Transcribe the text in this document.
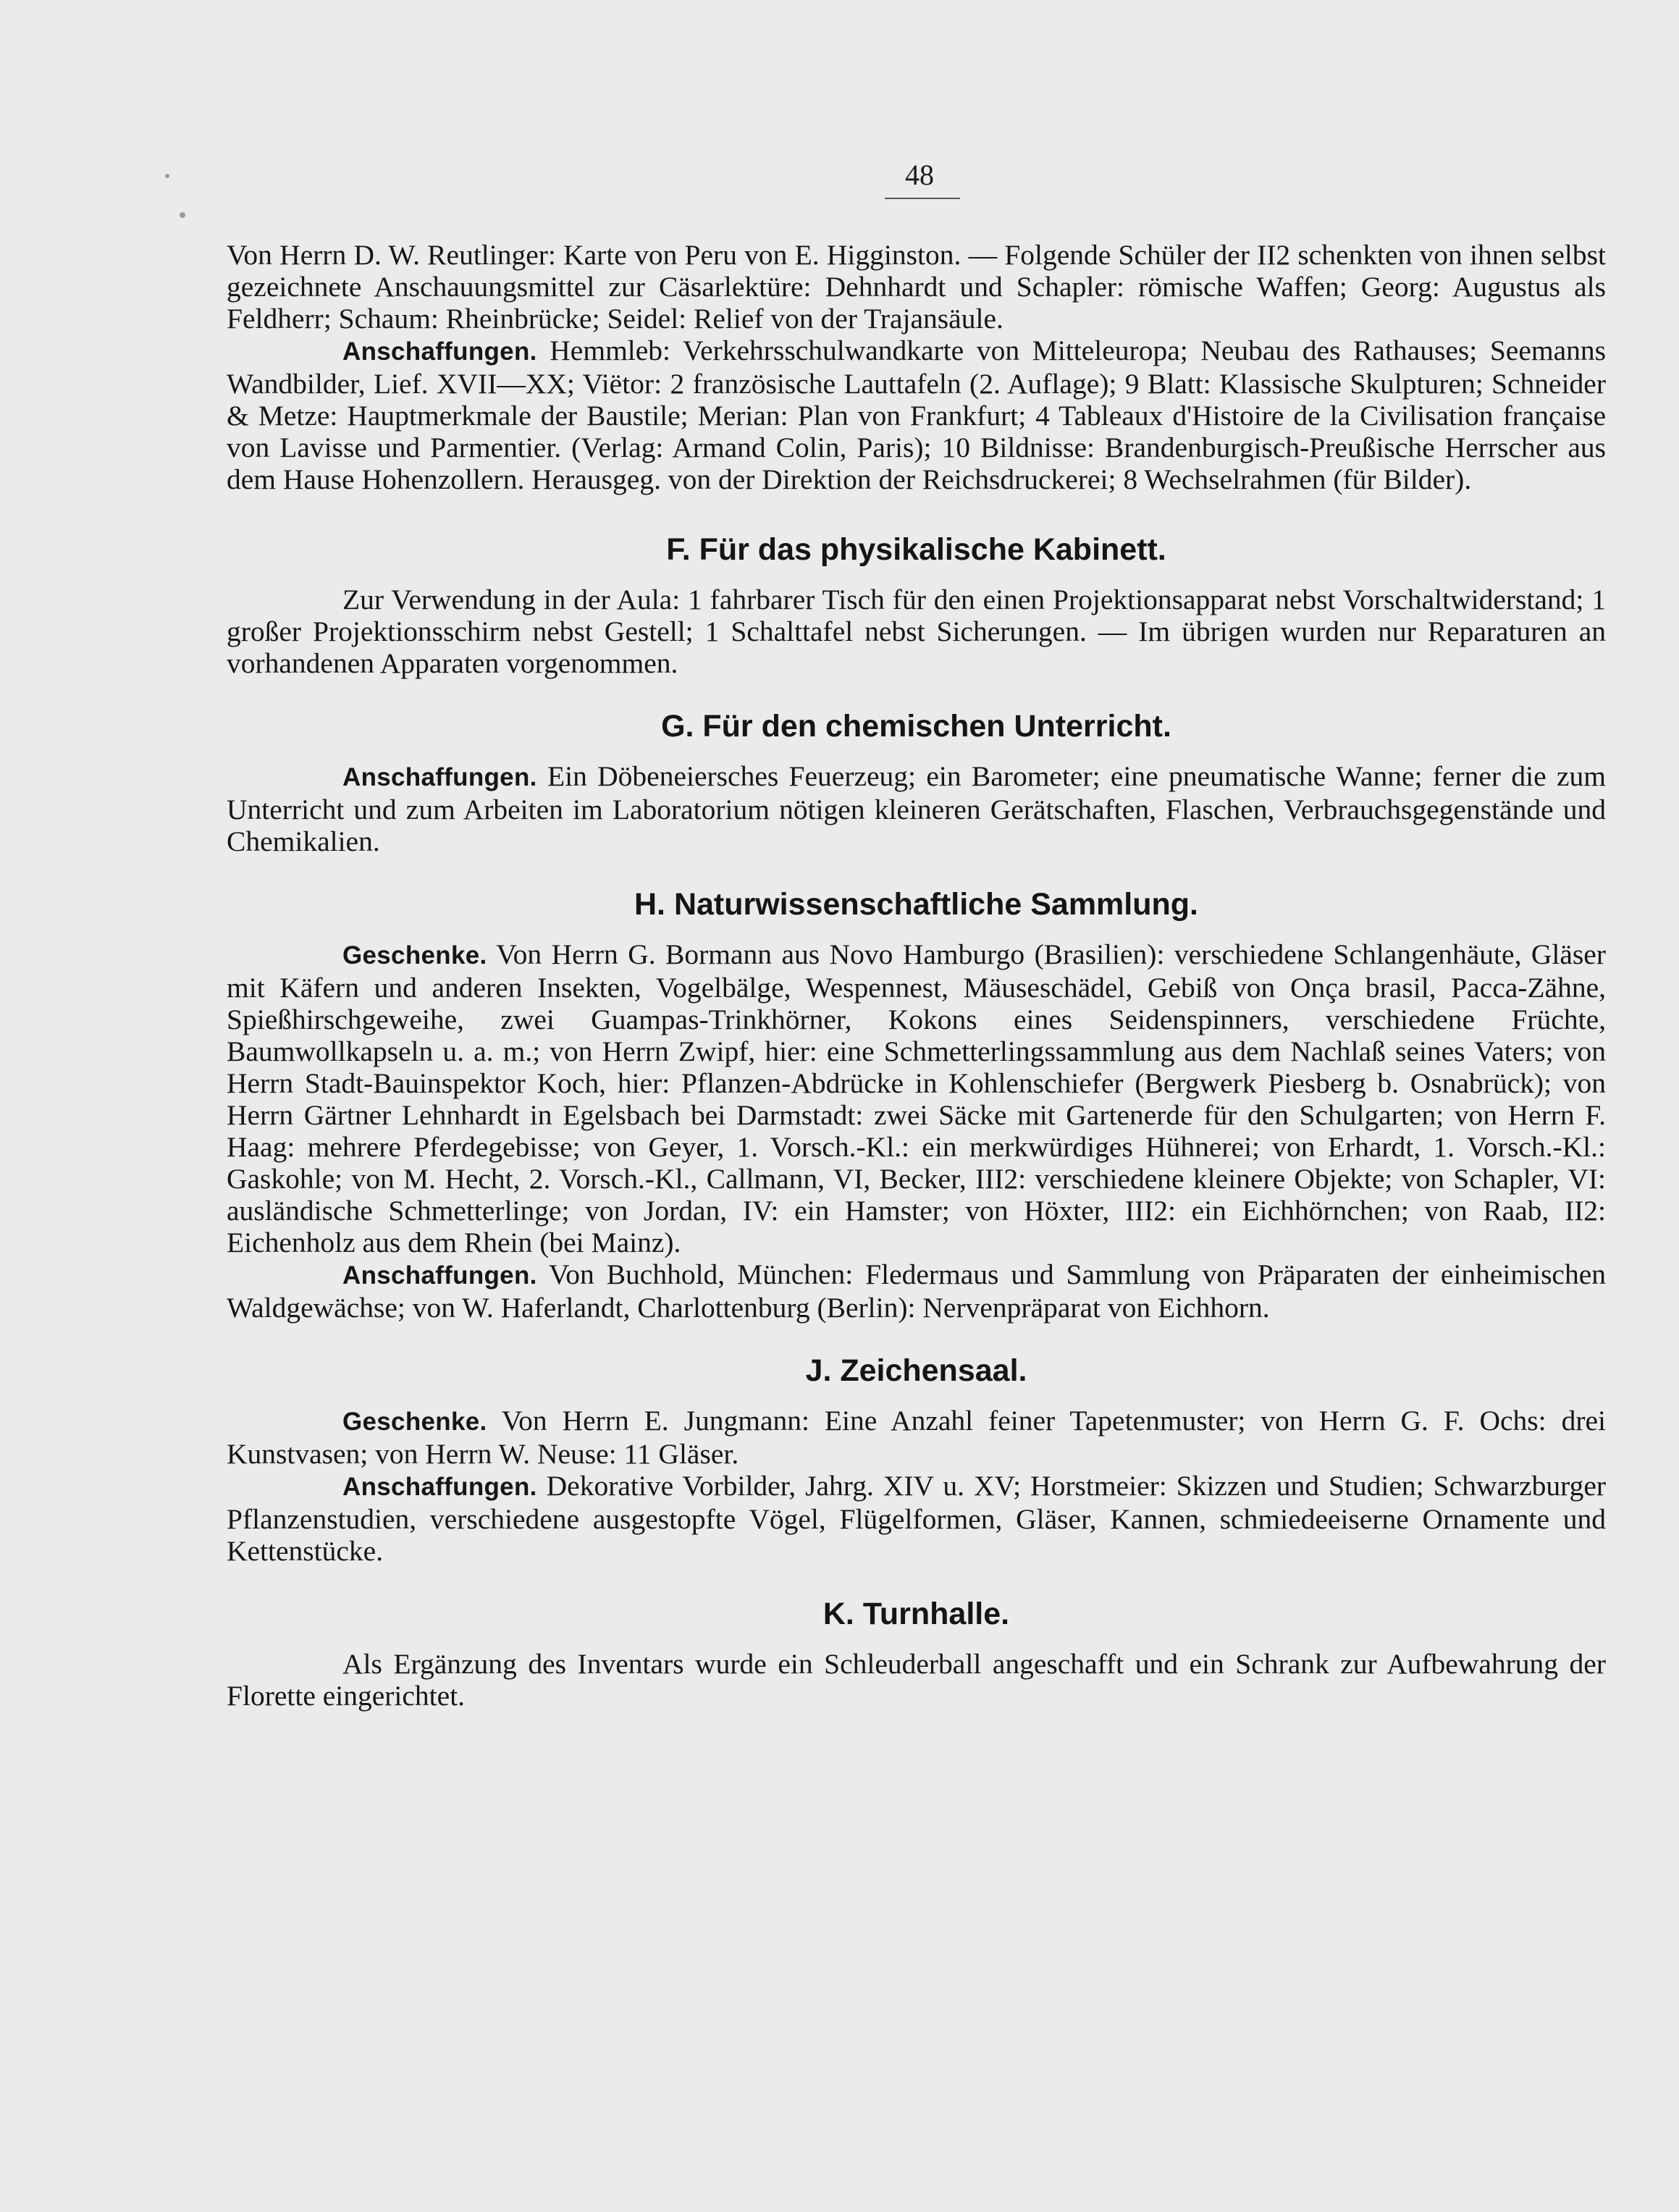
48

Von Herrn D. W. Reutlinger: Karte von Peru von E. Higginston. — Folgende Schüler der II2 schenkten von ihnen selbst gezeichnete Anschauungsmittel zur Cäsarlektüre: Dehnhardt und Schapler: römische Waffen; Georg: Augustus als Feldherr; Schaum: Rheinbrücke; Seidel: Relief von der Trajansäule.

Anschaffungen. Hemmleb: Verkehrsschulwandkarte von Mitteleuropa; Neubau des Rathauses; Seemanns Wandbilder, Lief. XVII—XX; Viëtor: 2 französische Lauttafeln (2. Auflage); 9 Blatt: Klassische Skulpturen; Schneider & Metze: Hauptmerkmale der Baustile; Merian: Plan von Frankfurt; 4 Tableaux d'Histoire de la Civilisation française von Lavisse und Parmentier. (Verlag: Armand Colin, Paris); 10 Bildnisse: Brandenburgisch-Preußische Herrscher aus dem Hause Hohenzollern. Herausgeg. von der Direktion der Reichsdruckerei; 8 Wechselrahmen (für Bilder).

F. Für das physikalische Kabinett.

Zur Verwendung in der Aula: 1 fahrbarer Tisch für den einen Projektionsapparat nebst Vorschaltwiderstand; 1 großer Projektionsschirm nebst Gestell; 1 Schalttafel nebst Sicherungen. — Im übrigen wurden nur Reparaturen an vorhandenen Apparaten vorgenommen.

G. Für den chemischen Unterricht.

Anschaffungen. Ein Döbeneiersches Feuerzeug; ein Barometer; eine pneumatische Wanne; ferner die zum Unterricht und zum Arbeiten im Laboratorium nötigen kleineren Gerätschaften, Flaschen, Verbrauchsgegenstände und Chemikalien.

H. Naturwissenschaftliche Sammlung.

Geschenke. Von Herrn G. Bormann aus Novo Hamburgo (Brasilien): verschiedene Schlangenhäute, Gläser mit Käfern und anderen Insekten, Vogelbälge, Wespennest, Mäuseschädel, Gebiß von Onça brasil, Pacca-Zähne, Spießhirschgeweihe, zwei Guampas-Trinkhörner, Kokons eines Seidenspinners, verschiedene Früchte, Baumwollkapseln u. a. m.; von Herrn Zwipf, hier: eine Schmetterlingssammlung aus dem Nachlaß seines Vaters; von Herrn Stadt-Bauinspektor Koch, hier: Pflanzen-Abdrücke in Kohlenschiefer (Bergwerk Piesberg b. Osnabrück); von Herrn Gärtner Lehnhardt in Egelsbach bei Darmstadt: zwei Säcke mit Gartenerde für den Schulgarten; von Herrn F. Haag: mehrere Pferdegebisse; von Geyer, 1. Vorsch.-Kl.: ein merkwürdiges Hühnerei; von Erhardt, 1. Vorsch.-Kl.: Gaskohle; von M. Hecht, 2. Vorsch.-Kl., Callmann, VI, Becker, III2: verschiedene kleinere Objekte; von Schapler, VI: ausländische Schmetterlinge; von Jordan, IV: ein Hamster; von Höxter, III2: ein Eichhörnchen; von Raab, II2: Eichenholz aus dem Rhein (bei Mainz).

Anschaffungen. Von Buchhold, München: Fledermaus und Sammlung von Präparaten der einheimischen Waldgewächse; von W. Haferlandt, Charlottenburg (Berlin): Nervenpräparat von Eichhorn.

J. Zeichensaal.

Geschenke. Von Herrn E. Jungmann: Eine Anzahl feiner Tapetenmuster; von Herrn G. F. Ochs: drei Kunstvasen; von Herrn W. Neuse: 11 Gläser.

Anschaffungen. Dekorative Vorbilder, Jahrg. XIV u. XV; Horstmeier: Skizzen und Studien; Schwarzburger Pflanzenstudien, verschiedene ausgestopfte Vögel, Flügelformen, Gläser, Kannen, schmiedeeiserne Ornamente und Kettenstücke.

K. Turnhalle.

Als Ergänzung des Inventars wurde ein Schleuderball angeschafft und ein Schrank zur Aufbewahrung der Florette eingerichtet.
